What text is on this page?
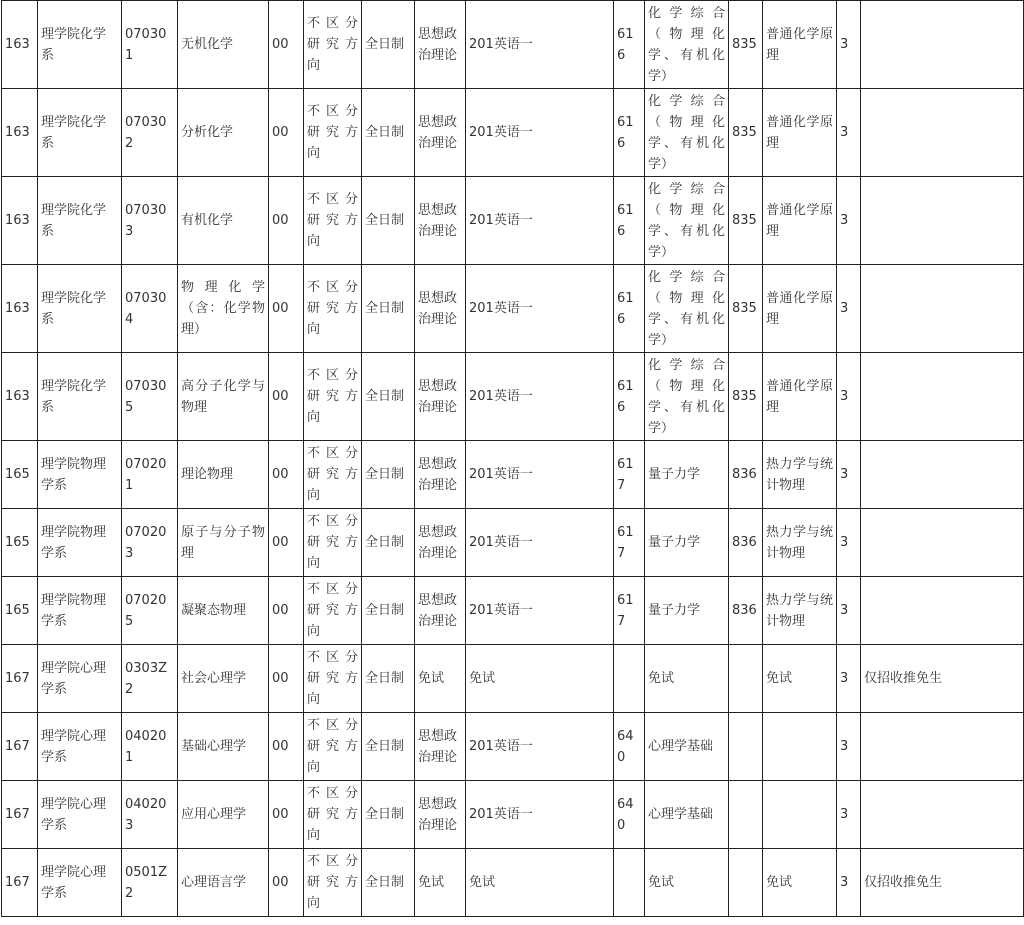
163	理学院化学系	070301	无机化学	00	不区分研究方向	全日制	思想政治理论	201英语一	616	化学综合（物理化学、有机化学）	835	普通化学原理	3	
163	理学院化学系	070302	分析化学	00	不区分研究方向	全日制	思想政治理论	201英语一	616	化学综合（物理化学、有机化学）	835	普通化学原理	3	
163	理学院化学系	070303	有机化学	00	不区分研究方向	全日制	思想政治理论	201英语一	616	化学综合（物理化学、有机化学）	835	普通化学原理	3	
163	理学院化学系	070304	物理化学（含：化学物理）	00	不区分研究方向	全日制	思想政治理论	201英语一	616	化学综合（物理化学、有机化学）	835	普通化学原理	3	
163	理学院化学系	070305	高分子化学与物理	00	不区分研究方向	全日制	思想政治理论	201英语一	616	化学综合（物理化学、有机化学）	835	普通化学原理	3	
165	理学院物理学系	070201	理论物理	00	不区分研究方向	全日制	思想政治理论	201英语一	617	量子力学	836	热力学与统计物理	3	
165	理学院物理学系	070203	原子与分子物理	00	不区分研究方向	全日制	思想政治理论	201英语一	617	量子力学	836	热力学与统计物理	3	
165	理学院物理学系	070205	凝聚态物理	00	不区分研究方向	全日制	思想政治理论	201英语一	617	量子力学	836	热力学与统计物理	3	
167	理学院心理学系	0303Z2	社会心理学	00	不区分研究方向	全日制	免试	免试		免试		免试	3	仅招收推免生
167	理学院心理学系	040201	基础心理学	00	不区分研究方向	全日制	思想政治理论	201英语一	640	心理学基础			3	
167	理学院心理学系	040203	应用心理学	00	不区分研究方向	全日制	思想政治理论	201英语一	640	心理学基础			3	
167	理学院心理学系	0501Z2	心理语言学	00	不区分研究方向	全日制	免试	免试		免试		免试	3	仅招收推免生
